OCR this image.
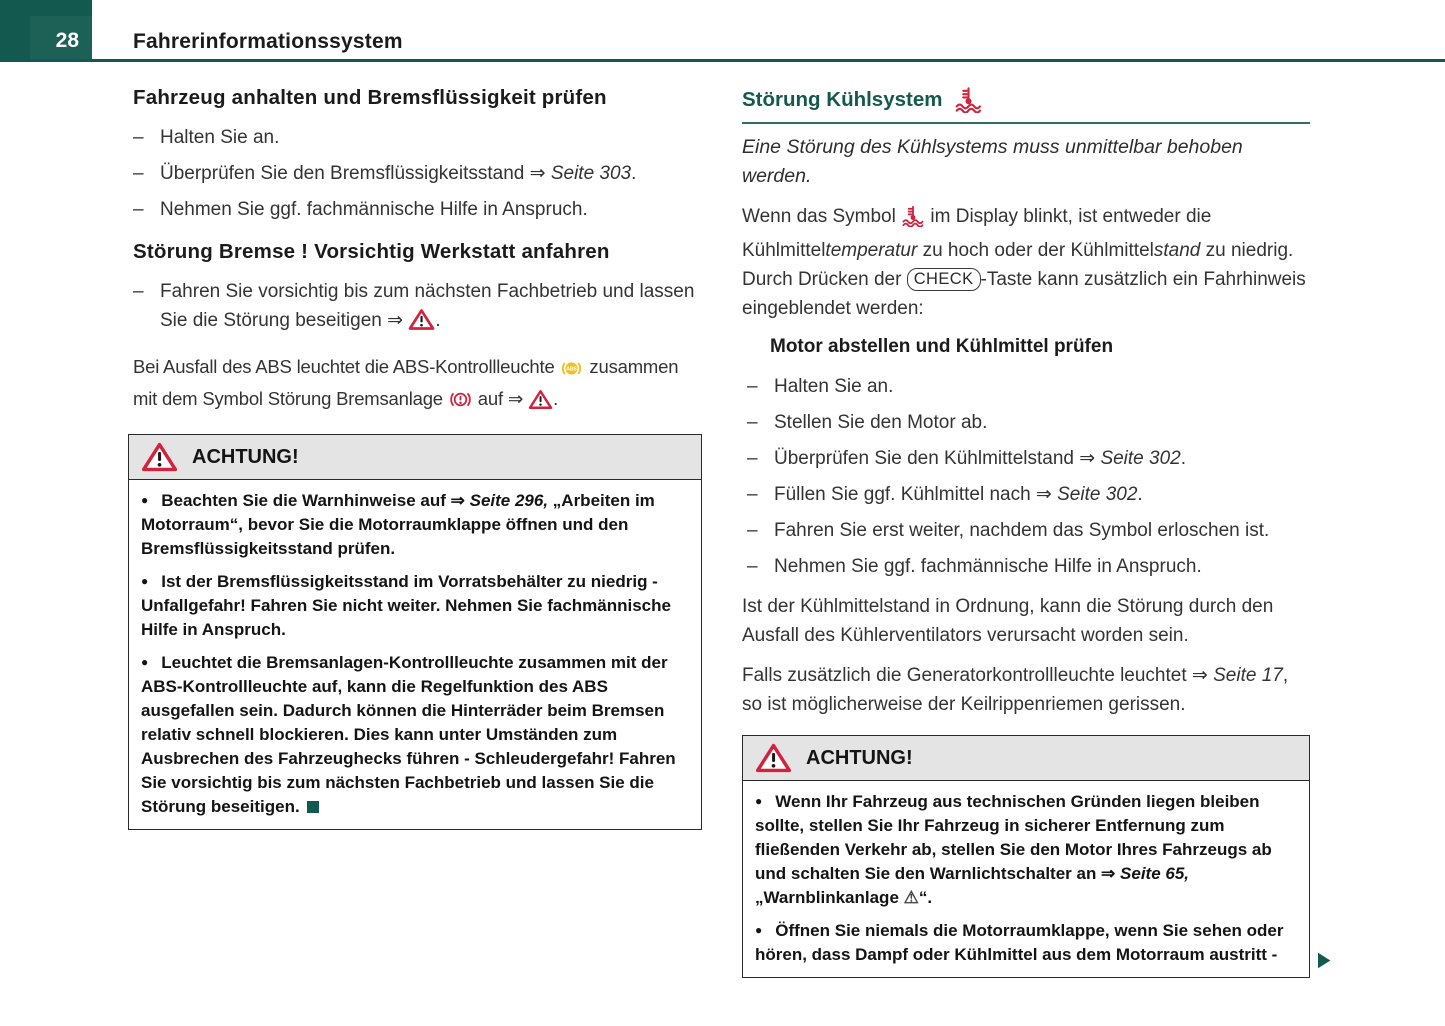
28	Fahrerinformationssystem
Fahrzeug anhalten und Bremsflüssigkeit prüfen
– Halten Sie an.
– Überprüfen Sie den Bremsflüssigkeitsstand ⇒ Seite 303.
– Nehmen Sie ggf. fachmännische Hilfe in Anspruch.
Störung Bremse ! Vorsichtig Werkstatt anfahren
– Fahren Sie vorsichtig bis zum nächsten Fachbetrieb und lassen Sie die Störung beseitigen ⇒ .
Bei Ausfall des ABS leuchtet die ABS-Kontrollleuchte ABS zusammen mit dem Symbol Störung Bremsanlage  auf ⇒ .
ACHTUNG!
● Beachten Sie die Warnhinweise auf ⇒ Seite 296, „Arbeiten im Motorraum“, bevor Sie die Motorraumklappe öffnen und den Bremsflüssigkeitsstand prüfen.
● Ist der Bremsflüssigkeitsstand im Vorratsbehälter zu niedrig - Unfallgefahr! Fahren Sie nicht weiter. Nehmen Sie fachmännische Hilfe in Anspruch.
● Leuchtet die Bremsanlagen-Kontrollleuchte zusammen mit der ABS-Kontrollleuchte auf, kann die Regelfunktion des ABS ausgefallen sein. Dadurch können die Hinterräder beim Bremsen relativ schnell blockieren. Dies kann unter Umständen zum Ausbrechen des Fahrzeughecks führen - Schleudergefahr! Fahren Sie vorsichtig bis zum nächsten Fachbetrieb und lassen Sie die Störung beseitigen.
Störung Kühlsystem
Eine Störung des Kühlsystems muss unmittelbar behoben werden.
Wenn das Symbol  im Display blinkt, ist entweder die Kühlmitteltemperatur zu hoch oder der Kühlmittelstand zu niedrig. Durch Drücken der CHECK -Taste kann zusätzlich ein Fahrhinweis eingeblendet werden:
Motor abstellen und Kühlmittel prüfen
– Halten Sie an.
– Stellen Sie den Motor ab.
– Überprüfen Sie den Kühlmittelstand ⇒ Seite 302.
– Füllen Sie ggf. Kühlmittel nach ⇒ Seite 302.
– Fahren Sie erst weiter, nachdem das Symbol erloschen ist.
– Nehmen Sie ggf. fachmännische Hilfe in Anspruch.
Ist der Kühlmittelstand in Ordnung, kann die Störung durch den Ausfall des Kühlerventilators verursacht worden sein.
Falls zusätzlich die Generatorkontrollleuchte leuchtet ⇒ Seite 17, so ist möglicherweise der Keilrippenriemen gerissen.
ACHTUNG!
● Wenn Ihr Fahrzeug aus technischen Gründen liegen bleiben sollte, stellen Sie Ihr Fahrzeug in sicherer Entfernung zum fließenden Verkehr ab, stellen Sie den Motor Ihres Fahrzeugs ab und schalten Sie den Warnlichtschalter an ⇒ Seite 65, „Warnblinkanlage ⚠“.
● Öffnen Sie niemals die Motorraumklappe, wenn Sie sehen oder hören, dass Dampf oder Kühlmittel aus dem Motorraum austritt -
